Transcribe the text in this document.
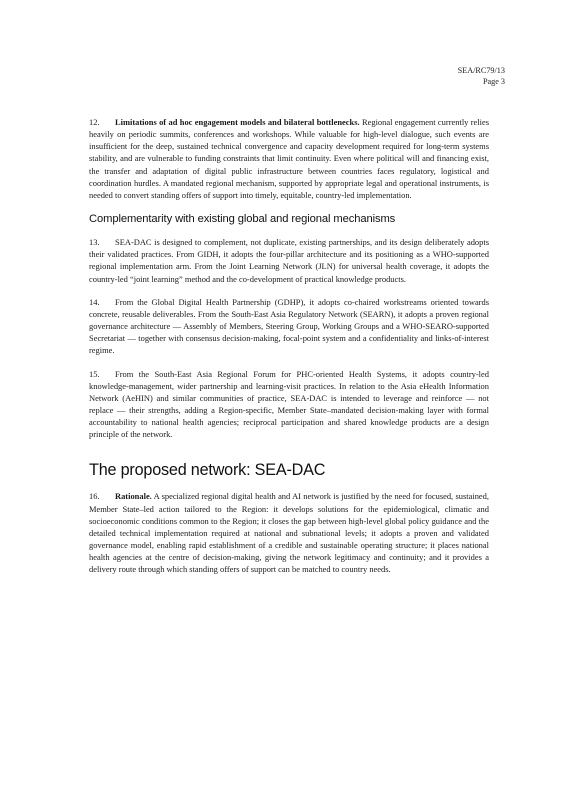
SEA/RC79/13
Page 3

12. Limitations of ad hoc engagement models and bilateral bottlenecks. Regional engagement currently relies heavily on periodic summits, conferences and workshops. While valuable for high-level dialogue, such events are insufficient for the deep, sustained technical convergence and capacity development required for long-term systems stability, and are vulnerable to funding constraints that limit continuity. Even where political will and financing exist, the transfer and adaptation of digital public infrastructure between countries faces regulatory, logistical and coordination hurdles. A mandated regional mechanism, supported by appropriate legal and operational instruments, is needed to convert standing offers of support into timely, equitable, country-led implementation.

Complementarity with existing global and regional mechanisms

13. SEA-DAC is designed to complement, not duplicate, existing partnerships, and its design deliberately adopts their validated practices. From GIDH, it adopts the four-pillar architecture and its positioning as a WHO-supported regional implementation arm. From the Joint Learning Network (JLN) for universal health coverage, it adopts the country-led “joint learning” method and the co-development of practical knowledge products.

14. From the Global Digital Health Partnership (GDHP), it adopts co-chaired workstreams oriented towards concrete, reusable deliverables. From the South-East Asia Regulatory Network (SEARN), it adopts a proven regional governance architecture — Assembly of Members, Steering Group, Working Groups and a WHO-SEARO-supported Secretariat — together with consensus decision-making, focal-point system and a confidentiality and links-of-interest regime.

15. From the South-East Asia Regional Forum for PHC-oriented Health Systems, it adopts country-led knowledge-management, wider partnership and learning-visit practices. In relation to the Asia eHealth Information Network (AeHIN) and similar communities of practice, SEA-DAC is intended to leverage and reinforce — not replace — their strengths, adding a Region-specific, Member State–mandated decision-making layer with formal accountability to national health agencies; reciprocal participation and shared knowledge products are a design principle of the network.

The proposed network: SEA-DAC

16. Rationale. A specialized regional digital health and AI network is justified by the need for focused, sustained, Member State–led action tailored to the Region: it develops solutions for the epidemiological, climatic and socioeconomic conditions common to the Region; it closes the gap between high-level global policy guidance and the detailed technical implementation required at national and subnational levels; it adopts a proven and validated governance model, enabling rapid establishment of a credible and sustainable operating structure; it places national health agencies at the centre of decision-making, giving the network legitimacy and continuity; and it provides a delivery route through which standing offers of support can be matched to country needs.
